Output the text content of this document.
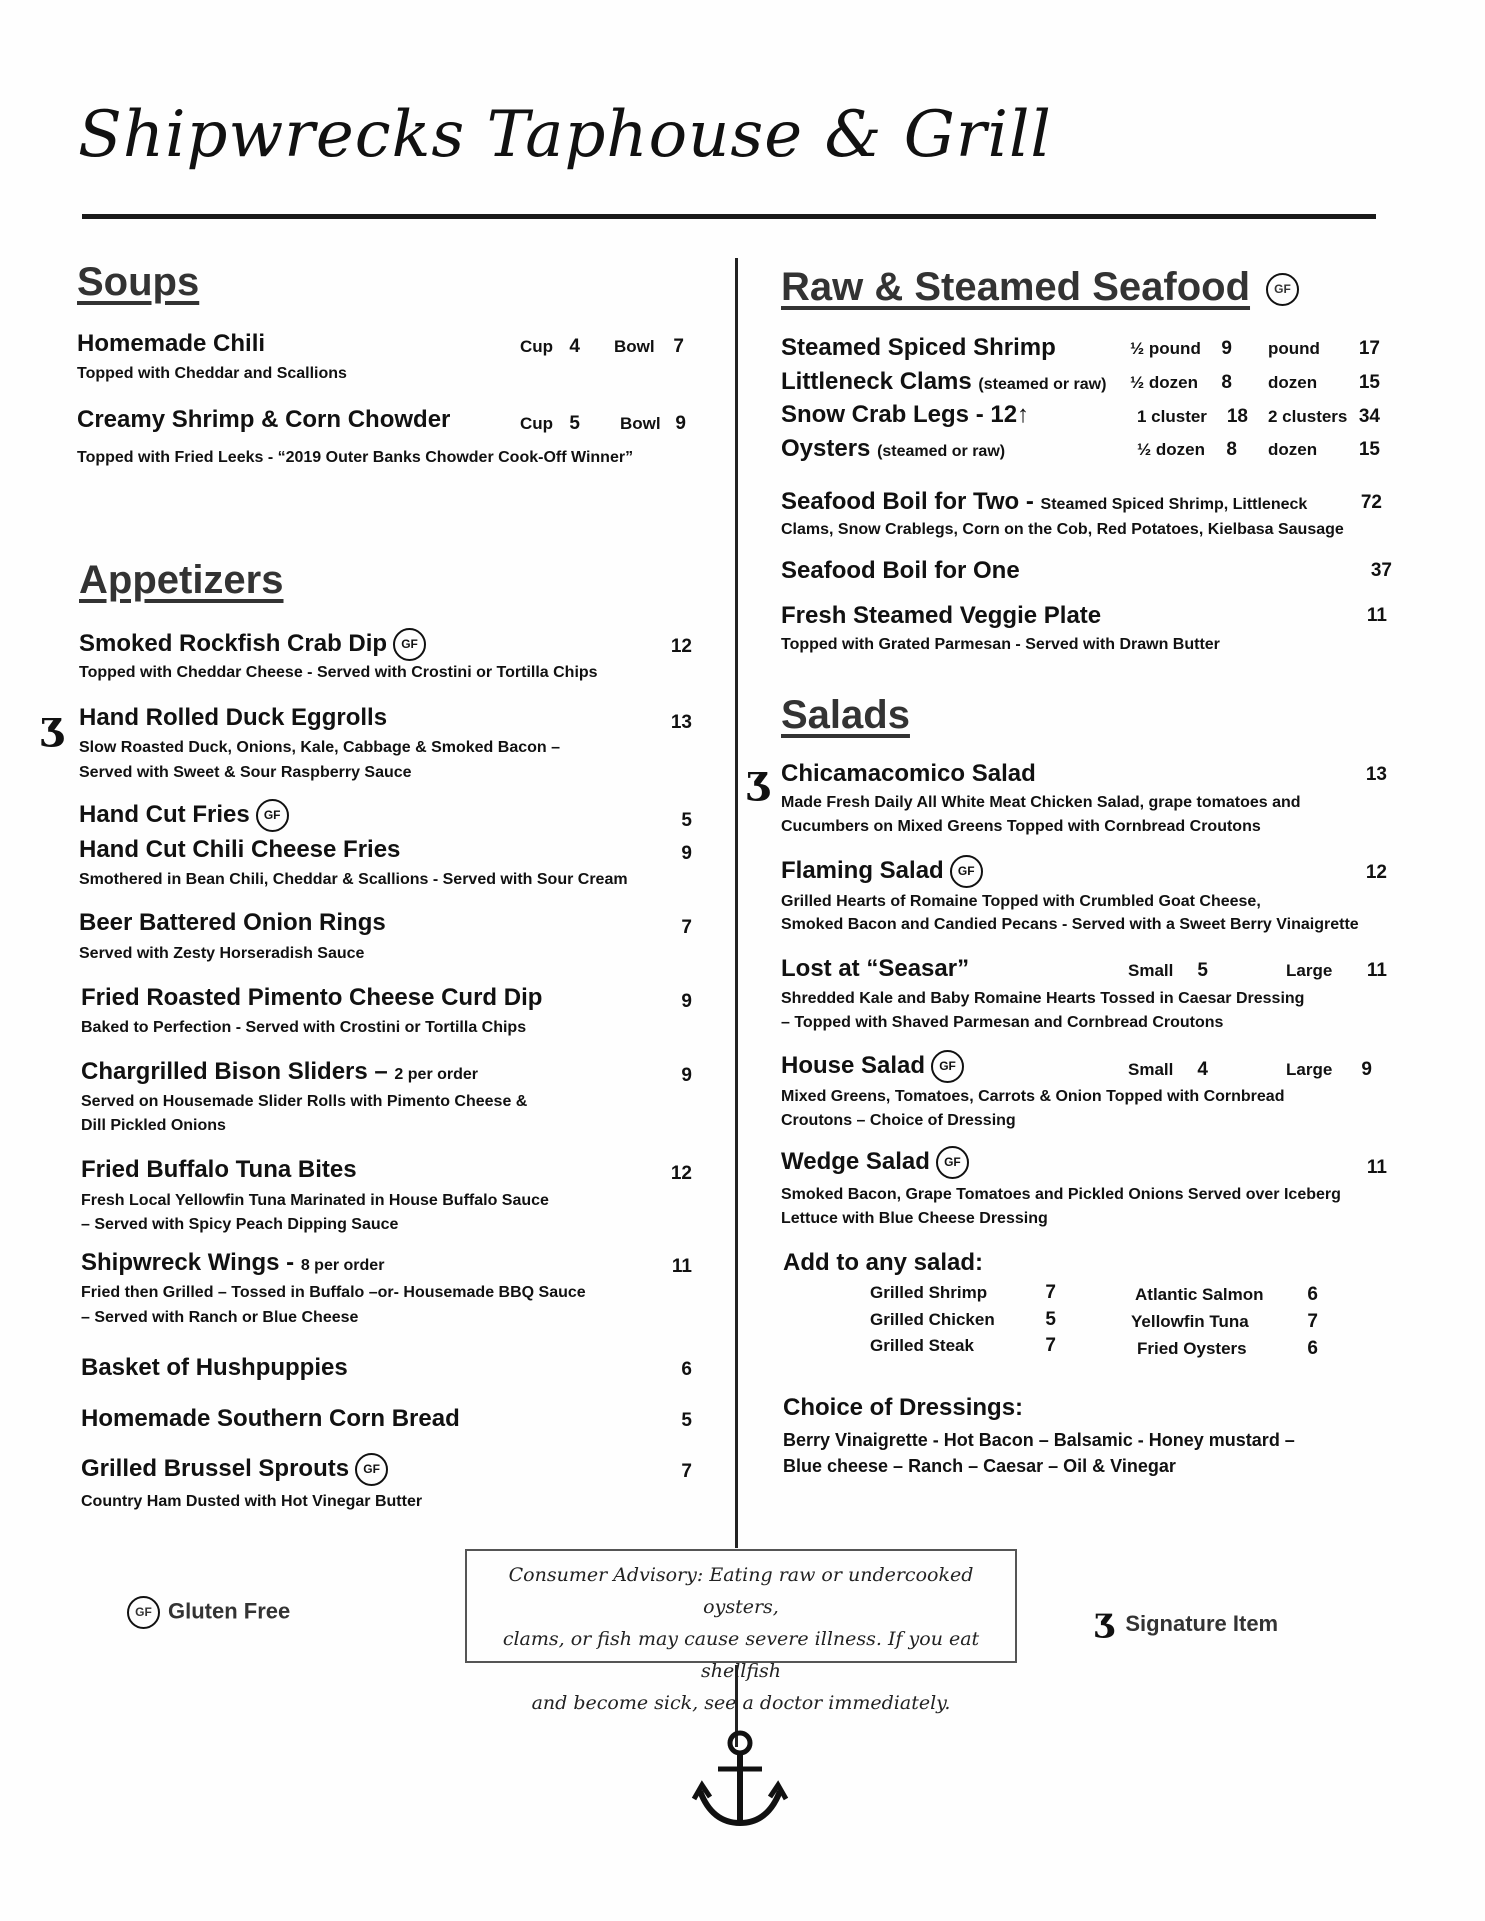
Shipwrecks Taphouse & Grill
Soups
Homemade Chili	Cup 4 Bowl 7
Topped with Cheddar and Scallions
Creamy Shrimp & Corn Chowder	Cup 5 Bowl 9
Topped with Fried Leeks - “2019 Outer Banks Chowder Cook-Off Winner”
Appetizers
Smoked Rockfish Crab Dip GF	12
Topped with Cheddar Cheese - Served with Crostini or Tortilla Chips
ʒ Hand Rolled Duck Eggrolls	13
Slow Roasted Duck, Onions, Kale, Cabbage & Smoked Bacon –
Served with Sweet & Sour Raspberry Sauce
Hand Cut Fries GF	5
Hand Cut Chili Cheese Fries	9
Smothered in Bean Chili, Cheddar & Scallions - Served with Sour Cream
Beer Battered Onion Rings	7
Served with Zesty Horseradish Sauce
Fried Roasted Pimento Cheese Curd Dip	9
Baked to Perfection - Served with Crostini or Tortilla Chips
Chargrilled Bison Sliders – 2 per order	9
Served on Housemade Slider Rolls with Pimento Cheese &
Dill Pickled Onions
Fried Buffalo Tuna Bites	12
Fresh Local Yellowfin Tuna Marinated in House Buffalo Sauce
– Served with Spicy Peach Dipping Sauce
Shipwreck Wings - 8 per order	11
Fried then Grilled – Tossed in Buffalo –or- Housemade BBQ Sauce
– Served with Ranch or Blue Cheese
Basket of Hushpuppies	6
Homemade Southern Corn Bread	5
Grilled Brussel Sprouts GF	7
Country Ham Dusted with Hot Vinegar Butter
Raw & Steamed Seafood GF
Steamed Spiced Shrimp	½ pound	9 pound	17
Littleneck Clams (steamed or raw) ½ dozen	8 dozen	15
Snow Crab Legs - 12↑	1 cluster	18 2 clusters 34
Oysters (steamed or raw)	½ dozen	8 dozen	15
Seafood Boil for Two - Steamed Spiced Shrimp, Littleneck	72
Clams, Snow Crablegs, Corn on the Cob, Red Potatoes, Kielbasa Sausage
Seafood Boil for One	37
Fresh Steamed Veggie Plate	11
Topped with Grated Parmesan - Served with Drawn Butter
Salads
ʒ Chicamacomico Salad	13
Made Fresh Daily All White Meat Chicken Salad, grape tomatoes and
Cucumbers on Mixed Greens Topped with Cornbread Croutons
Flaming Salad GF	12
Grilled Hearts of Romaine Topped with Crumbled Goat Cheese,
Smoked Bacon and Candied Pecans - Served with a Sweet Berry Vinaigrette
Lost at “Seasar”	Small	5	Large	11
Shredded Kale and Baby Romaine Hearts Tossed in Caesar Dressing
– Topped with Shaved Parmesan and Cornbread Croutons
House Salad GF	Small	4	Large	9
Mixed Greens, Tomatoes, Carrots & Onion Topped with Cornbread
Croutons – Choice of Dressing
Wedge Salad GF	11
Smoked Bacon, Grape Tomatoes and Pickled Onions Served over Iceberg
Lettuce with Blue Cheese Dressing
Add to any salad:
Grilled Shrimp	7
Grilled Chicken	5
Grilled Steak	7
Atlantic Salmon 6
Yellowfin Tuna	7
Fried Oysters	6
Choice of Dressings:
Berry Vinaigrette - Hot Bacon – Balsamic - Honey mustard –
Blue cheese – Ranch – Caesar – Oil & Vinegar
GF Gluten Free
Consumer Advisory: Eating raw or undercooked oysters,
clams, or fish may cause severe illness. If you eat shellfish
and become sick, see a doctor immediately.
ʒ Signature Item
